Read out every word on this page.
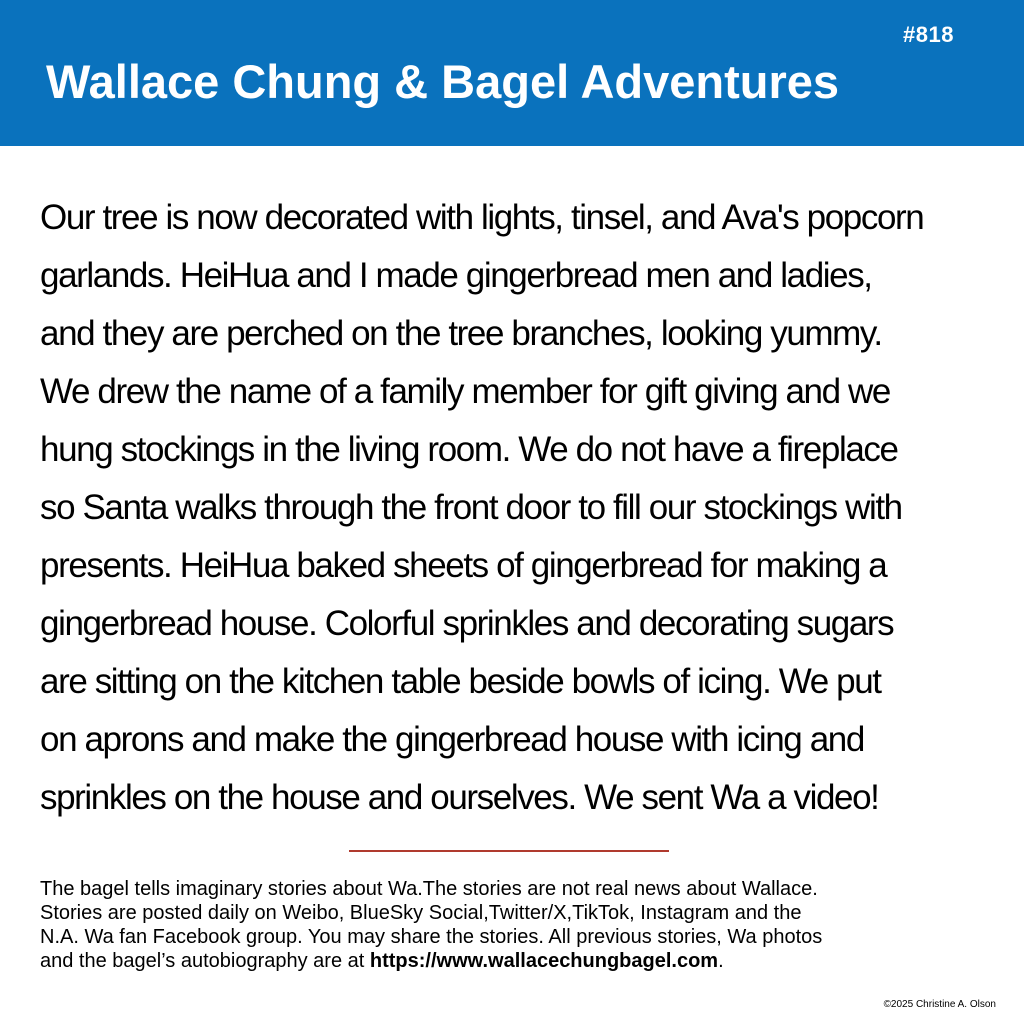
#818
Wallace Chung & Bagel Adventures
Our tree is now decorated with lights, tinsel, and Ava's popcorn
garlands. HeiHua and I made gingerbread men and ladies,
and they are perched on the tree branches, looking yummy.
We drew the name of a family member for gift giving and we
hung stockings in the living room. We do not have a fireplace
so Santa walks through the front door to fill our stockings with
presents. HeiHua baked sheets of gingerbread for making a
gingerbread house. Colorful sprinkles and decorating sugars
are sitting on the kitchen table beside bowls of icing. We put
on aprons and make the gingerbread house with icing and
sprinkles on the house and ourselves. We sent Wa a video!
The bagel tells imaginary stories about Wa.The stories are not real news about Wallace.
Stories are posted daily on Weibo, BlueSky Social,Twitter/X,TikTok, Instagram and the
N.A. Wa fan Facebook group. You may share the stories. All previous stories, Wa photos
and the bagel’s autobiography are at https://www.wallacechungbagel.com.
©2025 Christine A. Olson
